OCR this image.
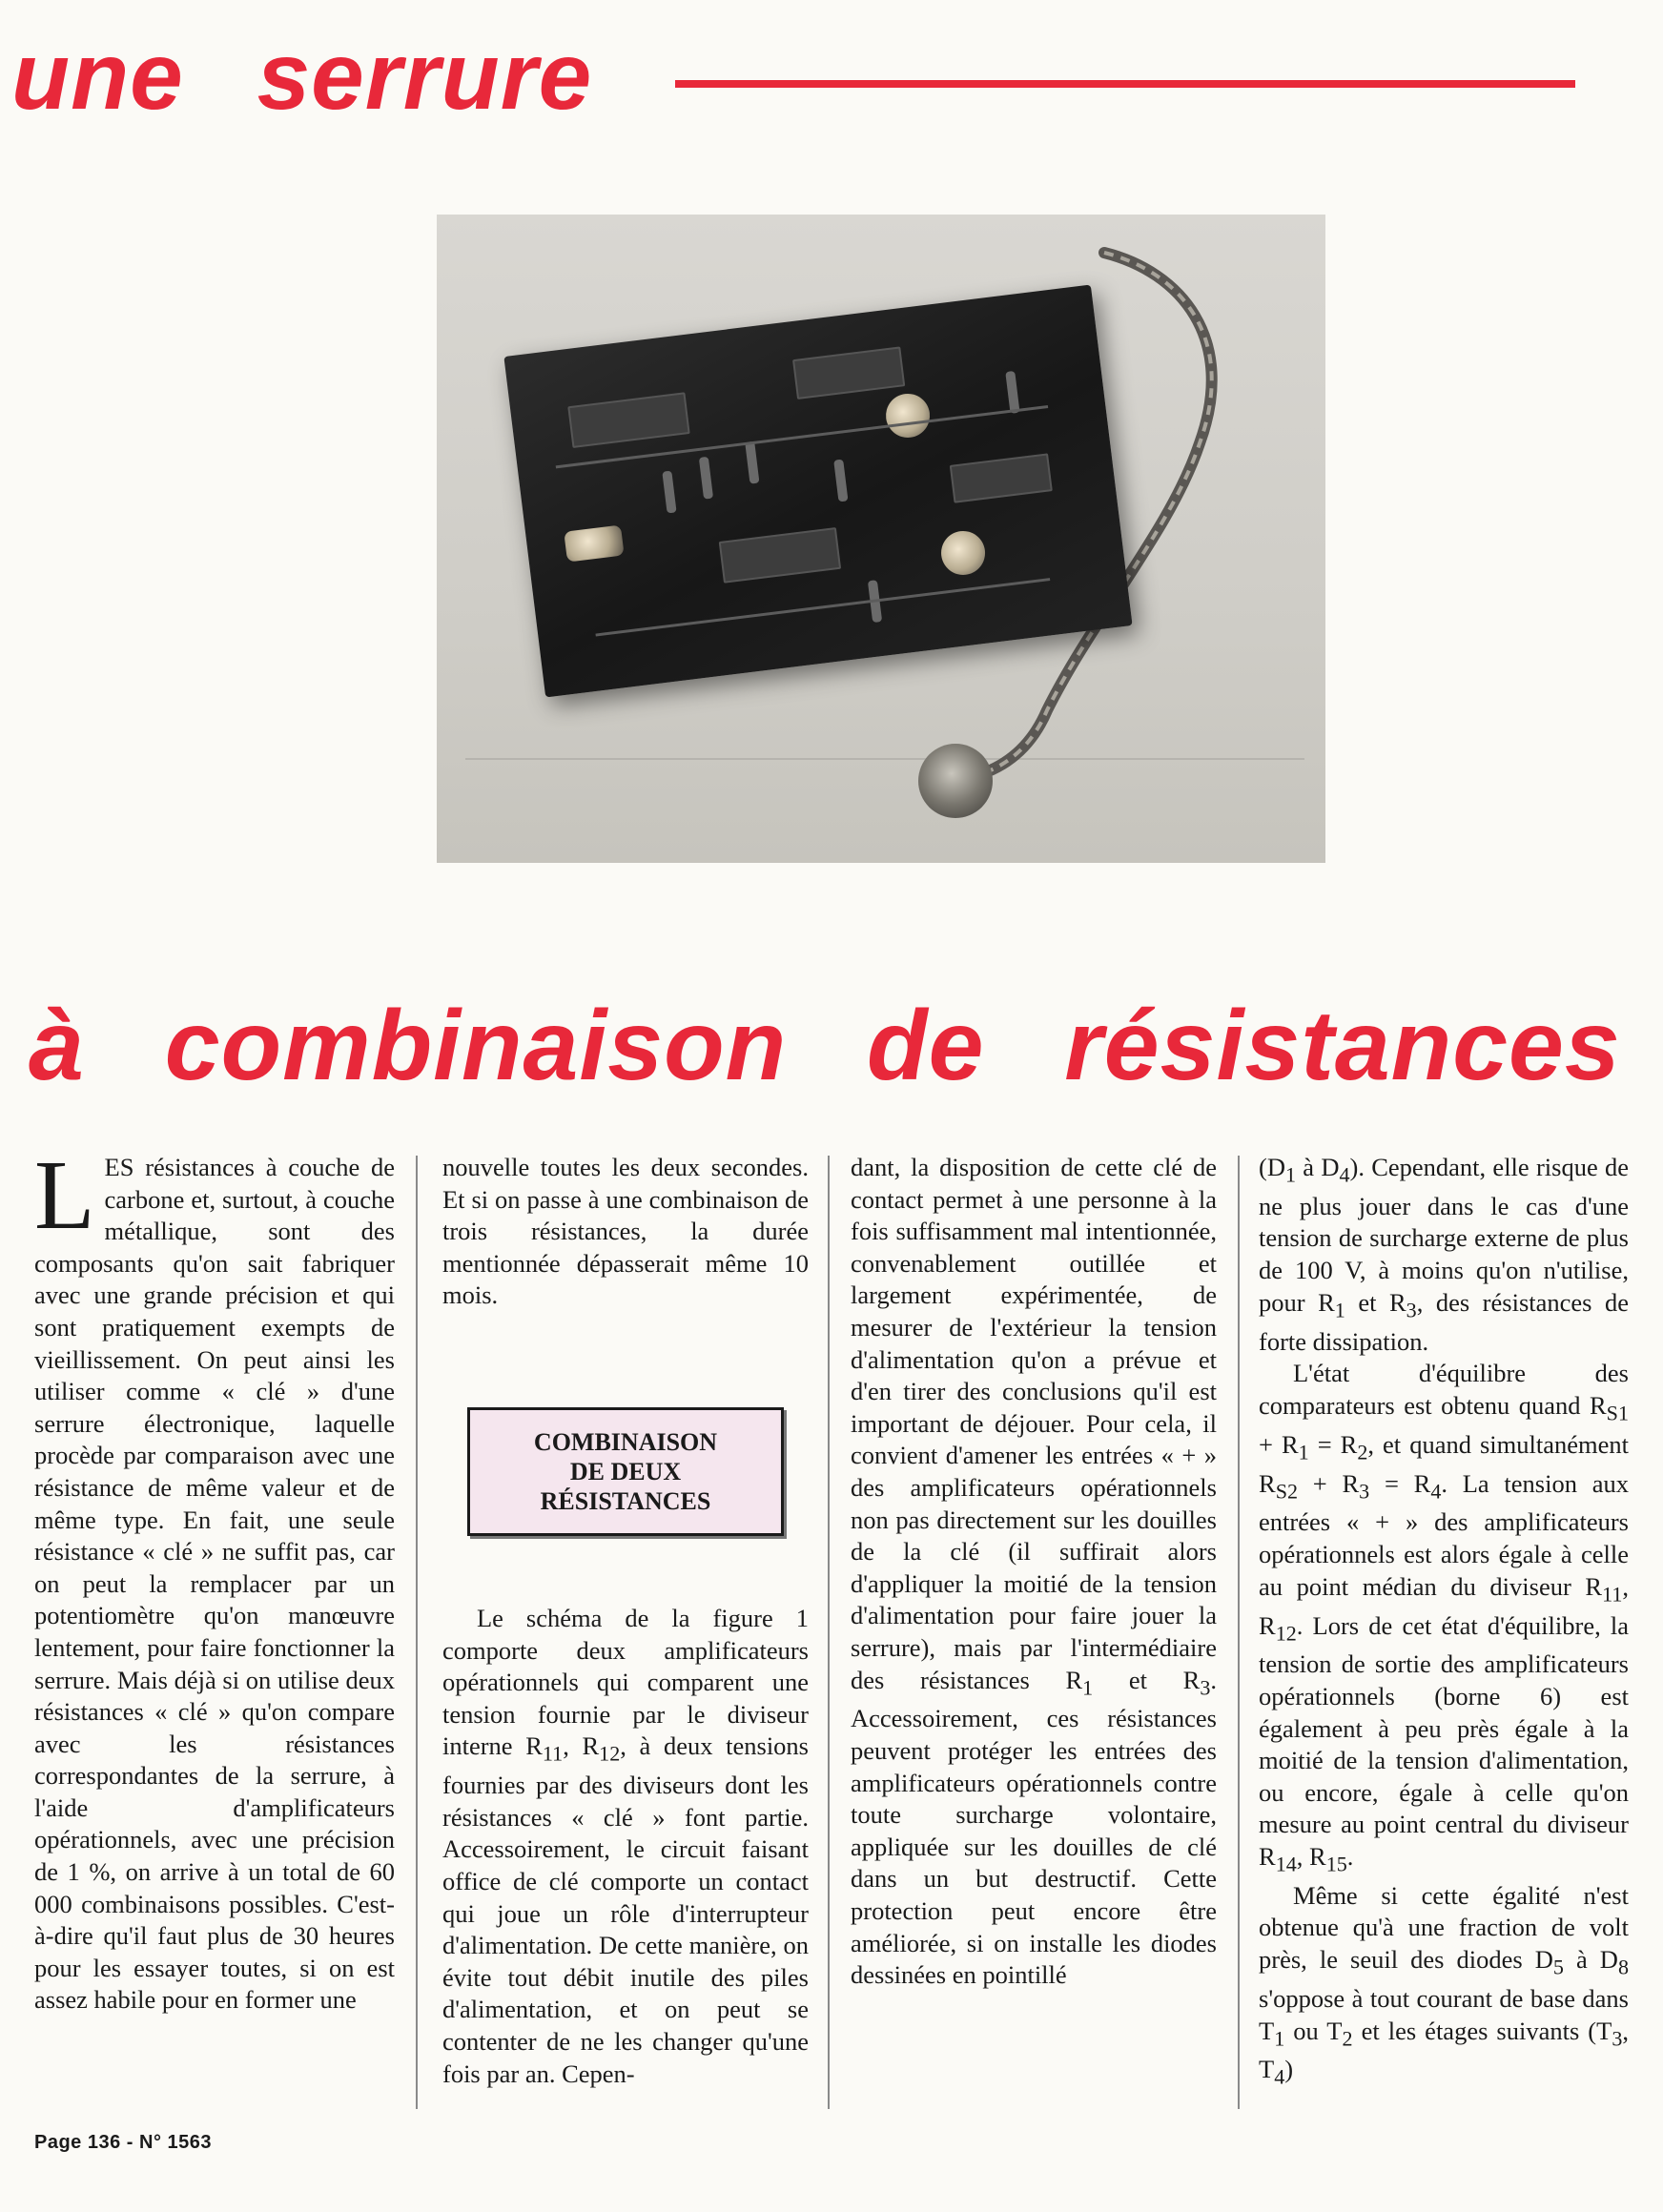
une serrure
à combinaison de résistances

LES résistances à couche de carbone et, surtout, à couche métallique, sont des composants qu'on sait fabriquer avec une grande précision et qui sont pratiquement exempts de vieillissement. On peut ainsi les utiliser comme « clé » d'une serrure électronique, laquelle procède par comparaison avec une résistance de même valeur et de même type. En fait, une seule résistance « clé » ne suffit pas, car on peut la remplacer par un potentiomètre qu'on manœuvre lentement, pour faire fonctionner la serrure. Mais déjà si on utilise deux résistances « clé » qu'on compare avec les résistances correspondantes de la serrure, à l'aide d'amplificateurs opérationnels, avec une précision de 1 %, on arrive à un total de 60 000 combinaisons possibles. C'est-à-dire qu'il faut plus de 30 heures pour les essayer toutes, si on est assez habile pour en former une

nouvelle toutes les deux secondes. Et si on passe à une combinaison de trois résistances, la durée mentionnée dépasserait même 10 mois.

COMBINAISON
DE DEUX
RÉSISTANCES

Le schéma de la figure 1 comporte deux amplificateurs opérationnels qui comparent une tension fournie par le diviseur interne $R_{11}$, $R_{12}$, à deux tensions fournies par des diviseurs dont les résistances « clé » font partie. Accessoirement, le circuit faisant office de clé comporte un contact qui joue un rôle d'interrupteur d'alimentation. De cette manière, on évite tout débit inutile des piles d'alimentation, et on peut se contenter de ne les changer qu'une fois par an. Cepen-

dant, la disposition de cette clé de contact permet à une personne à la fois suffisamment mal intentionnée, convenablement outillée et largement expérimentée, de mesurer de l'extérieur la tension d'alimentation qu'on a prévue et d'en tirer des conclusions qu'il est important de déjouer. Pour cela, il convient d'amener les entrées « + » des amplificateurs opérationnels non pas directement sur les douilles de la clé (il suffirait alors d'appliquer la moitié de la tension d'alimentation pour faire jouer la serrure), mais par l'intermédiaire des résistances $R_1$ et $R_3$. Accessoirement, ces résistances peuvent protéger les entrées des amplificateurs opérationnels contre toute surcharge volontaire, appliquée sur les douilles de clé dans un but destructif. Cette protection peut encore être améliorée, si on installe les diodes dessinées en pointillé

($D_1$ à $D_4$). Cependant, elle risque de ne plus jouer dans le cas d'une tension de surcharge externe de plus de 100 V, à moins qu'on n'utilise, pour $R_1$ et $R_3$, des résistances de forte dissipation.

L'état d'équilibre des comparateurs est obtenu quand $R_{S1} + R_1 = R_2$, et quand simultanément $R_{S2} + R_3 = R_4$. La tension aux entrées « + » des amplificateurs opérationnels est alors égale à celle au point médian du diviseur $R_{11}$, $R_{12}$. Lors de cet état d'équilibre, la tension de sortie des amplificateurs opérationnels (borne 6) est également à peu près égale à la moitié de la tension d'alimentation, ou encore, égale à celle qu'on mesure au point central du diviseur $R_{14}$, $R_{15}$.

Même si cette égalité n'est obtenue qu'à une fraction de volt près, le seuil des diodes $D_5$ à $D_8$ s'oppose à tout courant de base dans $T_1$ ou $T_2$ et les étages suivants ($T_3$, $T_4$)

Page 136 - N° 1563
